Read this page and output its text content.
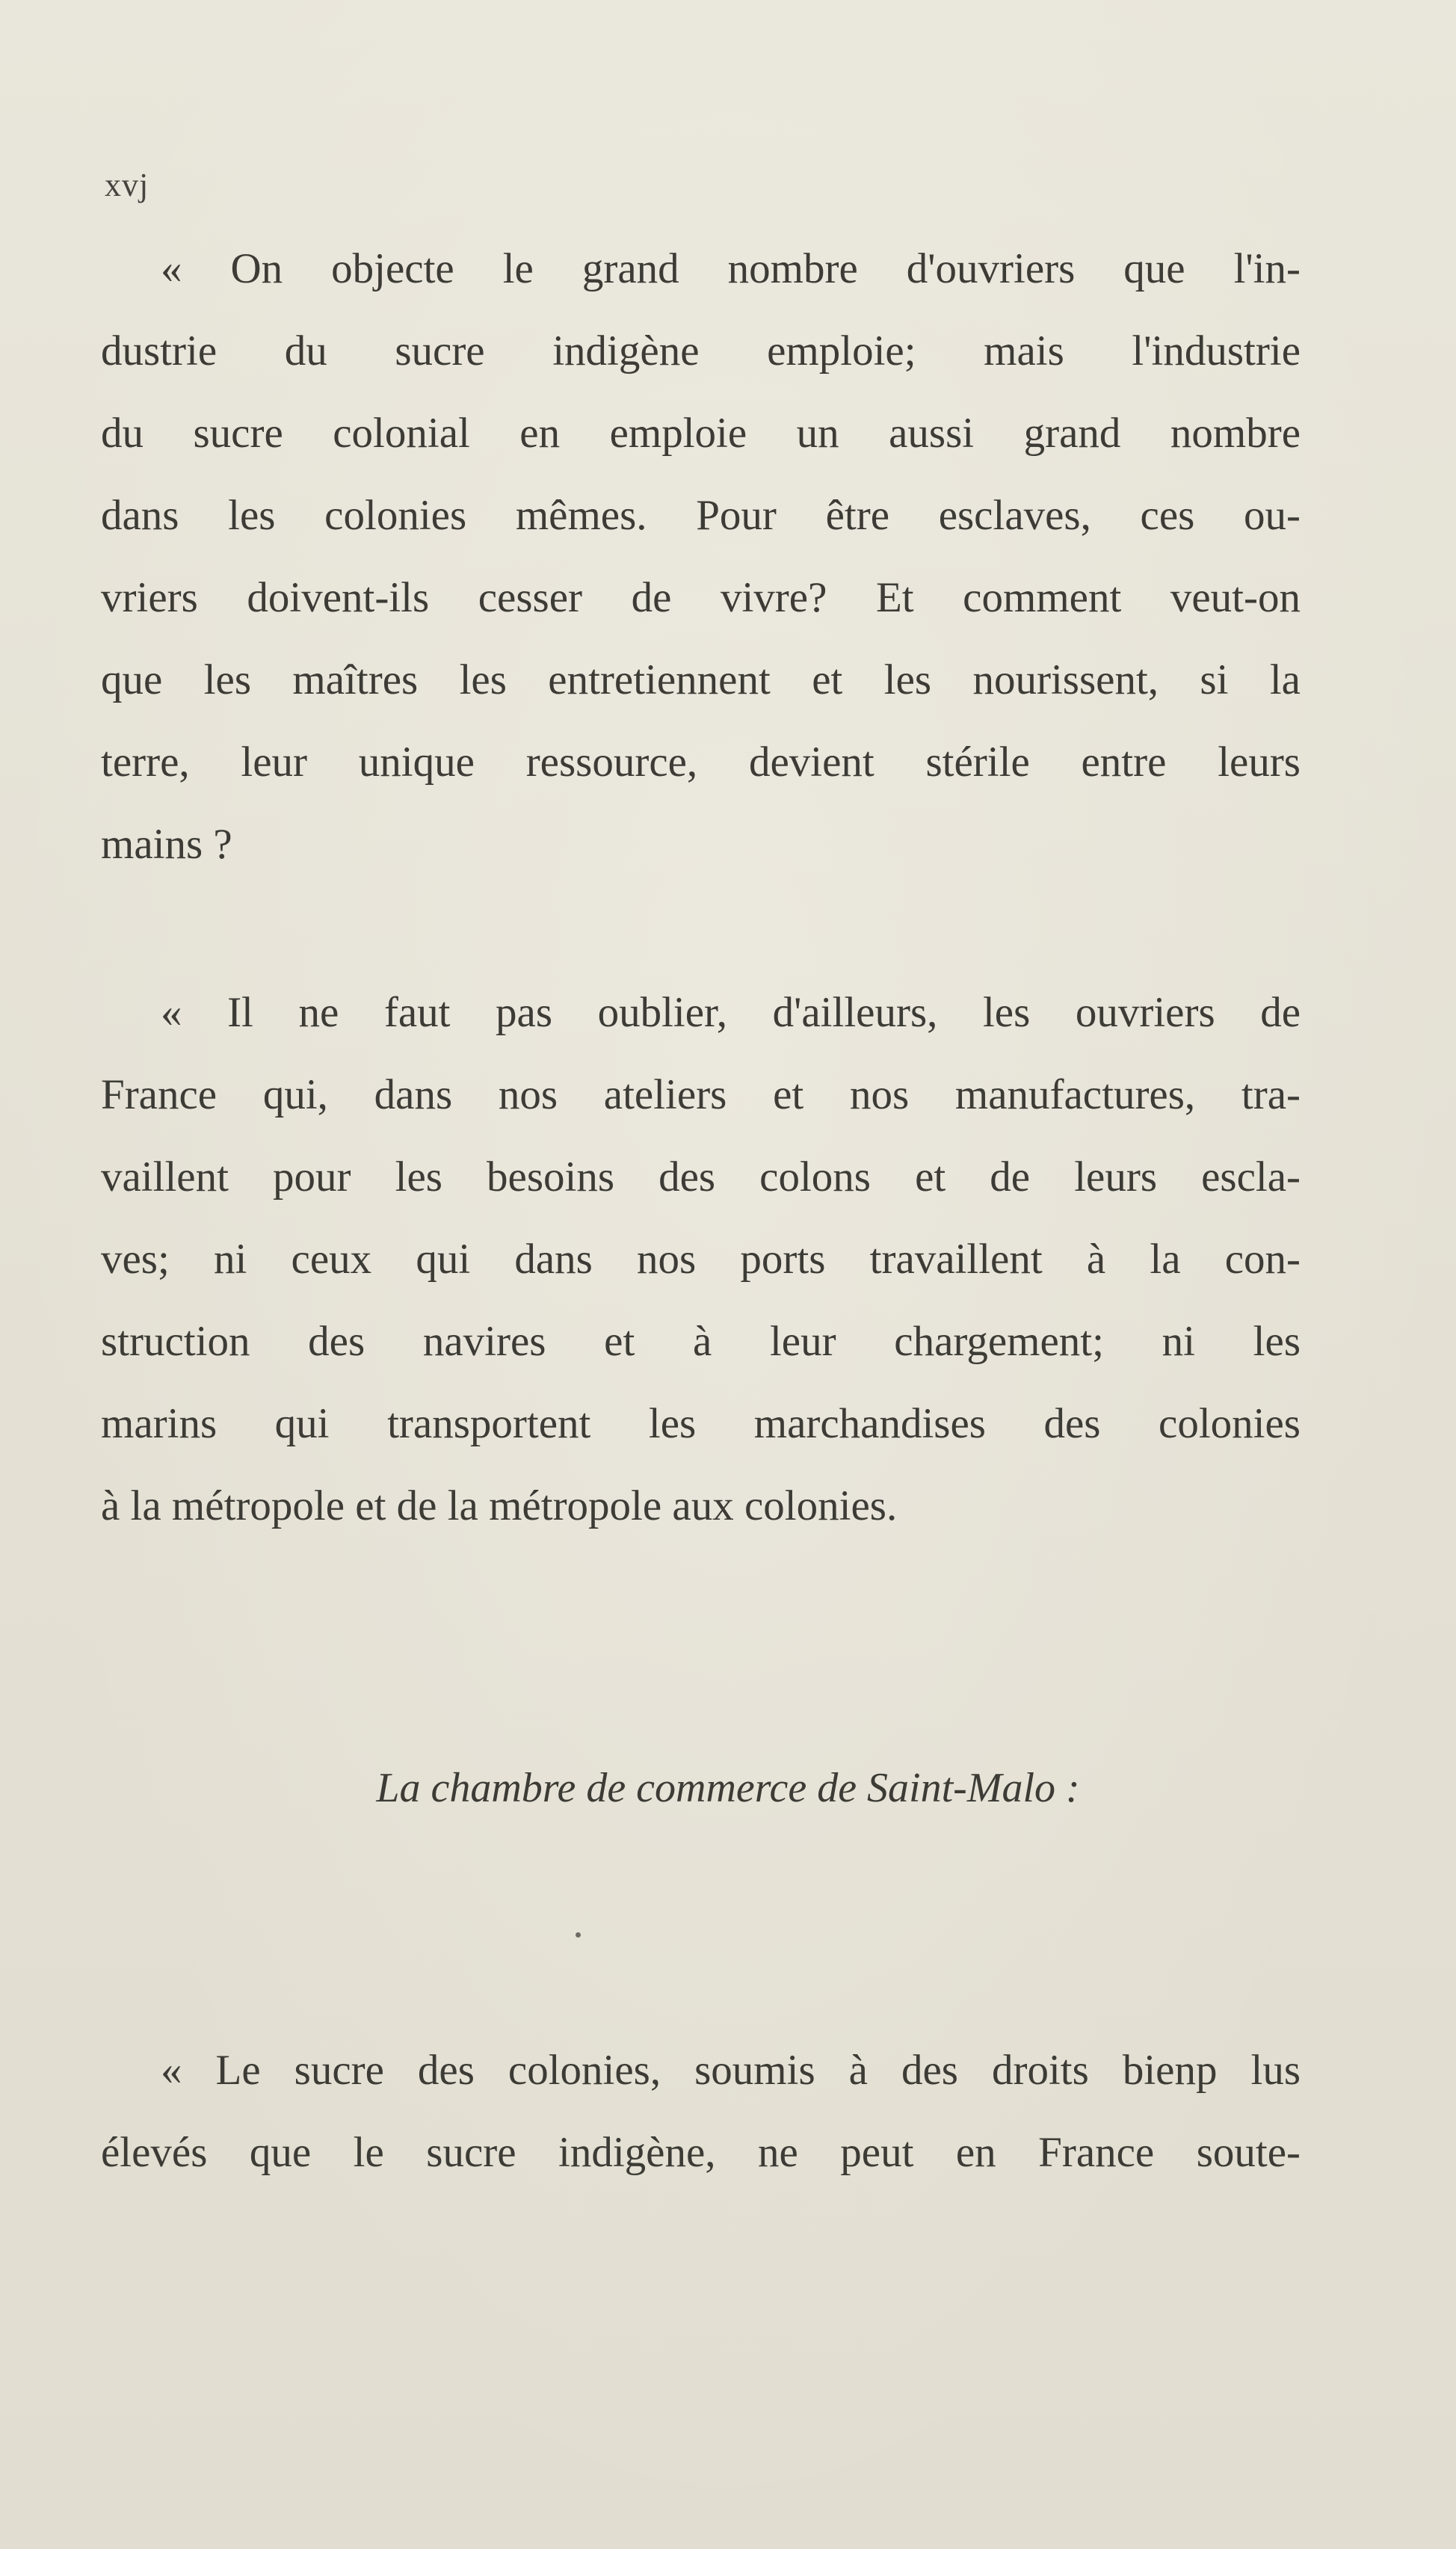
xvj
« On objecte le grand nombre d'ouvriers que l'in-
dustrie du sucre indigène emploie; mais l'industrie
du sucre colonial en emploie un aussi grand nombre
dans les colonies mêmes. Pour être esclaves, ces ou-
vriers doivent-ils cesser de vivre? Et comment veut-on
que les maîtres les entretiennent et les nourissent, si la
terre, leur unique ressource, devient stérile entre leurs
mains ?
« Il ne faut pas oublier, d'ailleurs, les ouvriers de
France qui, dans nos ateliers et nos manufactures, tra-
vaillent pour les besoins des colons et de leurs escla-
ves; ni ceux qui dans nos ports travaillent à la con-
struction des navires et à leur chargement; ni les
marins qui transportent les marchandises des colonies
à la métropole et de la métropole aux colonies.
La chambre de commerce de Saint-Malo :
« Le sucre des colonies, soumis à des droits bienp lus
élevés que le sucre indigène, ne peut en France soute-
